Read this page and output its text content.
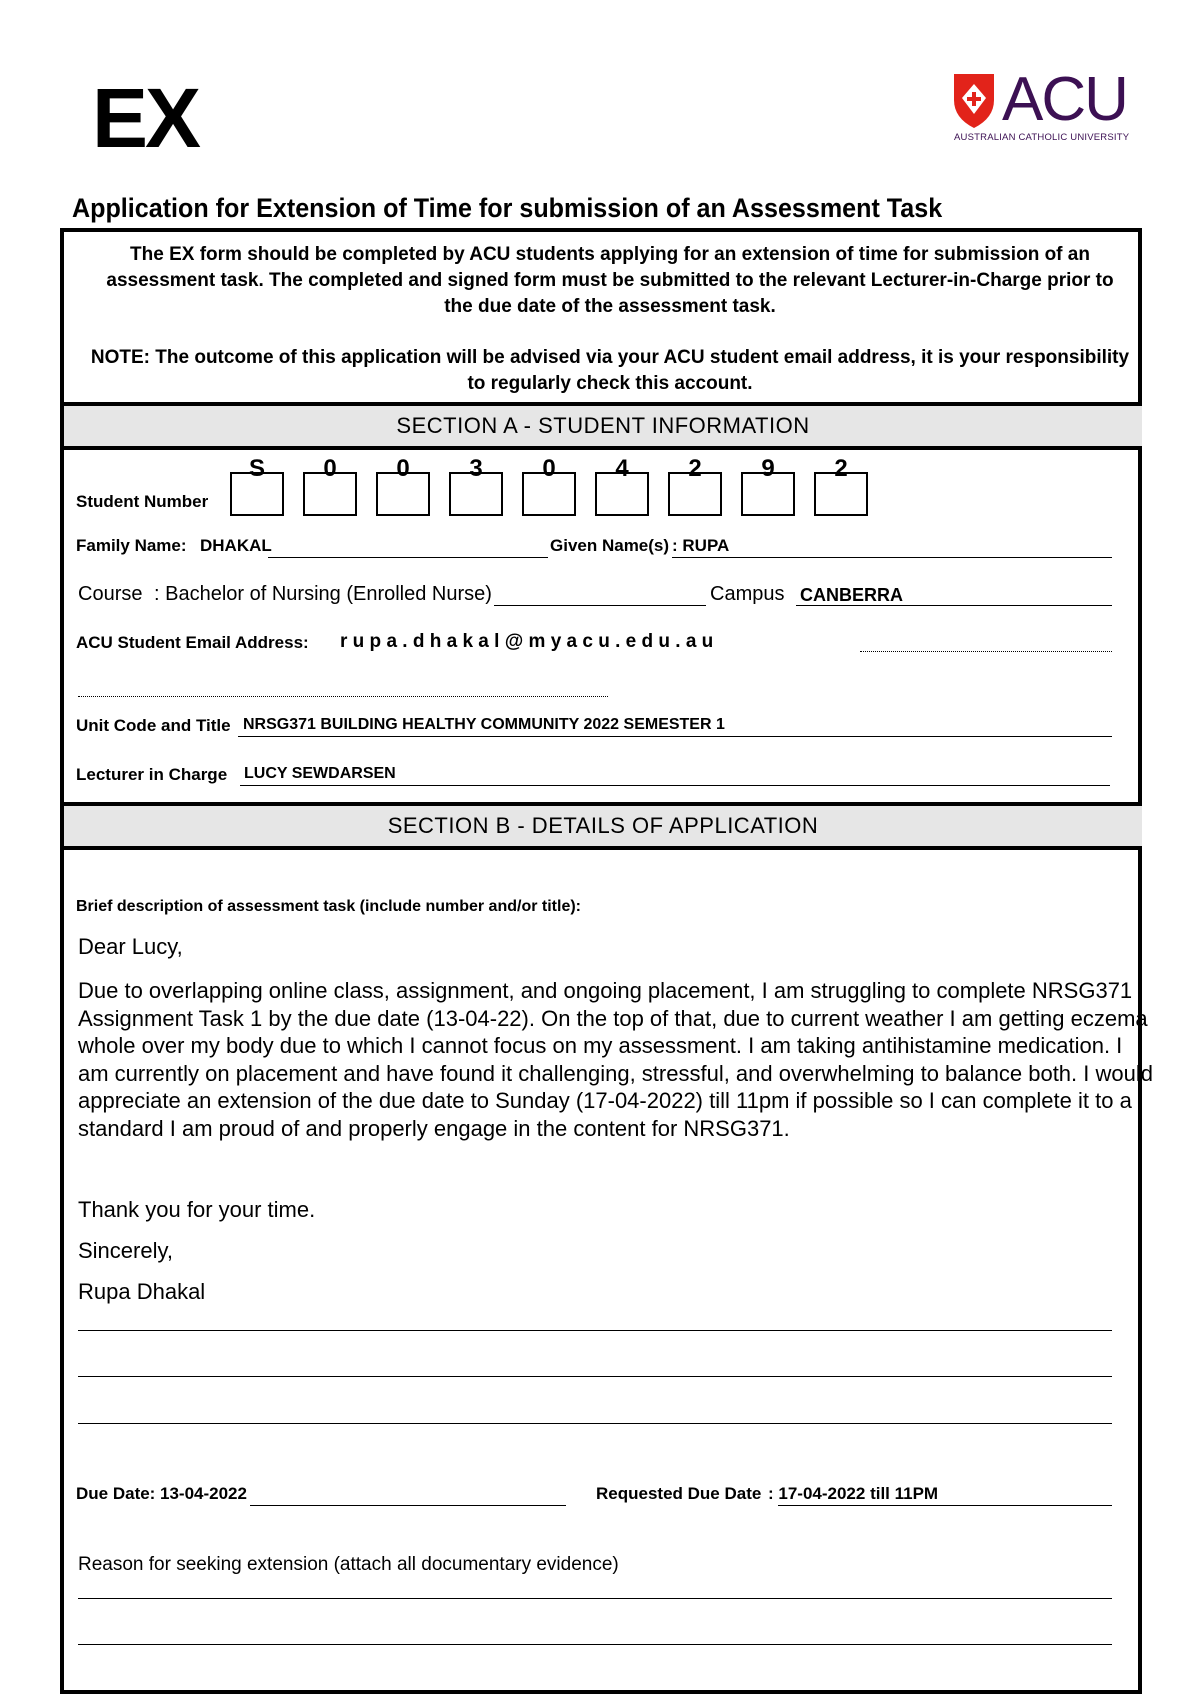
EX	ACU
AUSTRALIAN CATHOLIC UNIVERSITY
Application for Extension of Time for submission of an Assessment Task
The EX form should be completed by ACU students applying for an extension of time for submission of an assessment task. The completed and signed form must be submitted to the relevant Lecturer-in-Charge prior to the due date of the assessment task.
NOTE: The outcome of this application will be advised via your ACU student email address, it is your responsibility to regularly check this account.
SECTION A - STUDENT INFORMATION
Student Number
S	0	0	3	0	4	2	9	2
Family Name: DHAKAL	Given Name(s) : RUPA
Course : Bachelor of Nursing (Enrolled Nurse)	Campus CANBERRA
ACU Student Email Address: r u p a . d h a k a l @ m y a c u . e d u . a u
Unit Code and Title NRSG371 BUILDING HEALTHY COMMUNITY 2022 SEMESTER 1
Lecturer in Charge LUCY SEWDARSEN
SECTION B - DETAILS OF APPLICATION
Brief description of assessment task (include number and/or title):
Dear Lucy,
Due to overlapping online class, assignment, and ongoing placement, I am struggling to complete NRSG371 Assignment Task 1 by the due date (13-04-22). On the top of that, due to current weather I am getting eczema whole over my body due to which I cannot focus on my assessment. I am taking antihistamine medication. I am currently on placement and have found it challenging, stressful, and overwhelming to balance both. I would appreciate an extension of the due date to Sunday (17-04-2022) till 11pm if possible so I can complete it to a standard I am proud of and properly engage in the content for NRSG371.
Thank you for your time.
Sincerely,
Rupa Dhakal
Due Date: 13-04-2022	Requested Due Date : 17-04-2022 till 11PM
Reason for seeking extension (attach all documentary evidence)
